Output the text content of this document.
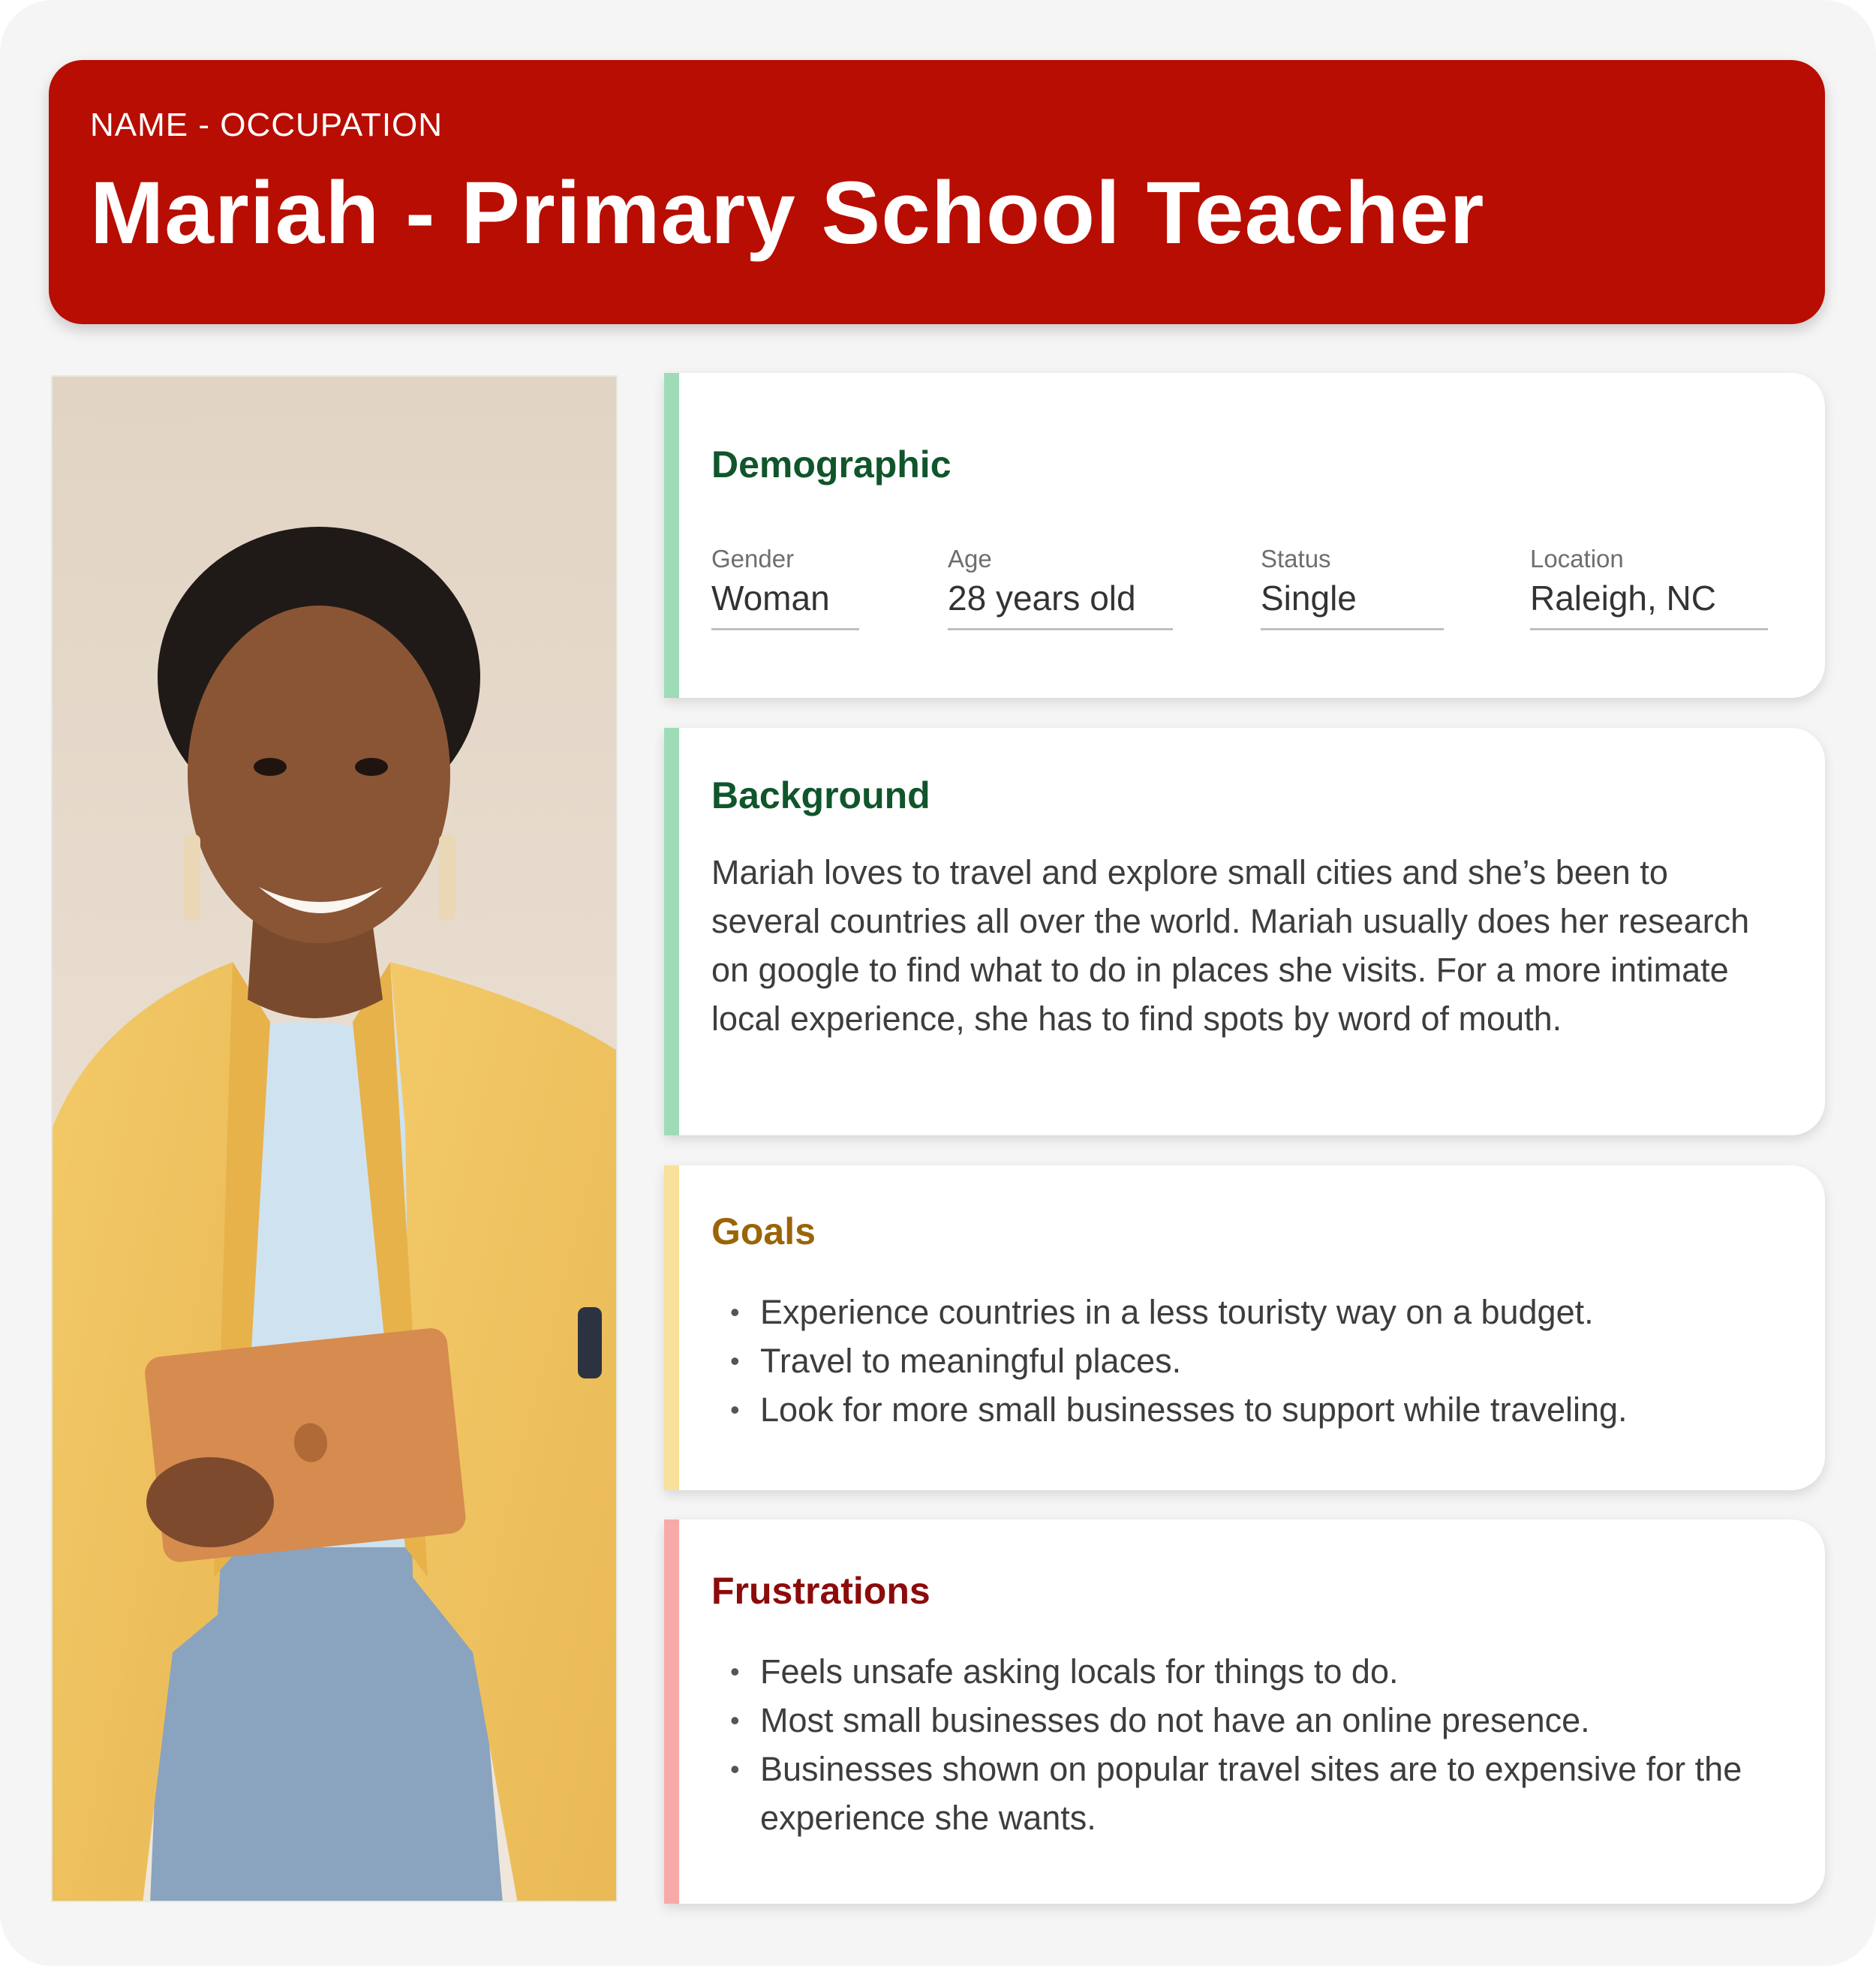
NAME - OCCUPATION
Mariah - Primary School Teacher
Demographic
Gender
Woman
Age
28 years old
Status
Single
Location
Raleigh, NC
Background
Mariah loves to travel and explore small cities and she’s been to several countries all over the world. Mariah usually does her research on google to find what to do in places she visits. For a more intimate local experience, she has to find spots by word of mouth.
Goals
• Experience countries in a less touristy way on a budget.
• Travel to meaningful places.
• Look for more small businesses to support while traveling.
Frustrations
• Feels unsafe asking locals for things to do.
• Most small businesses do not have an online presence.
• Businesses shown on popular travel sites are to expensive for the experience she wants.
